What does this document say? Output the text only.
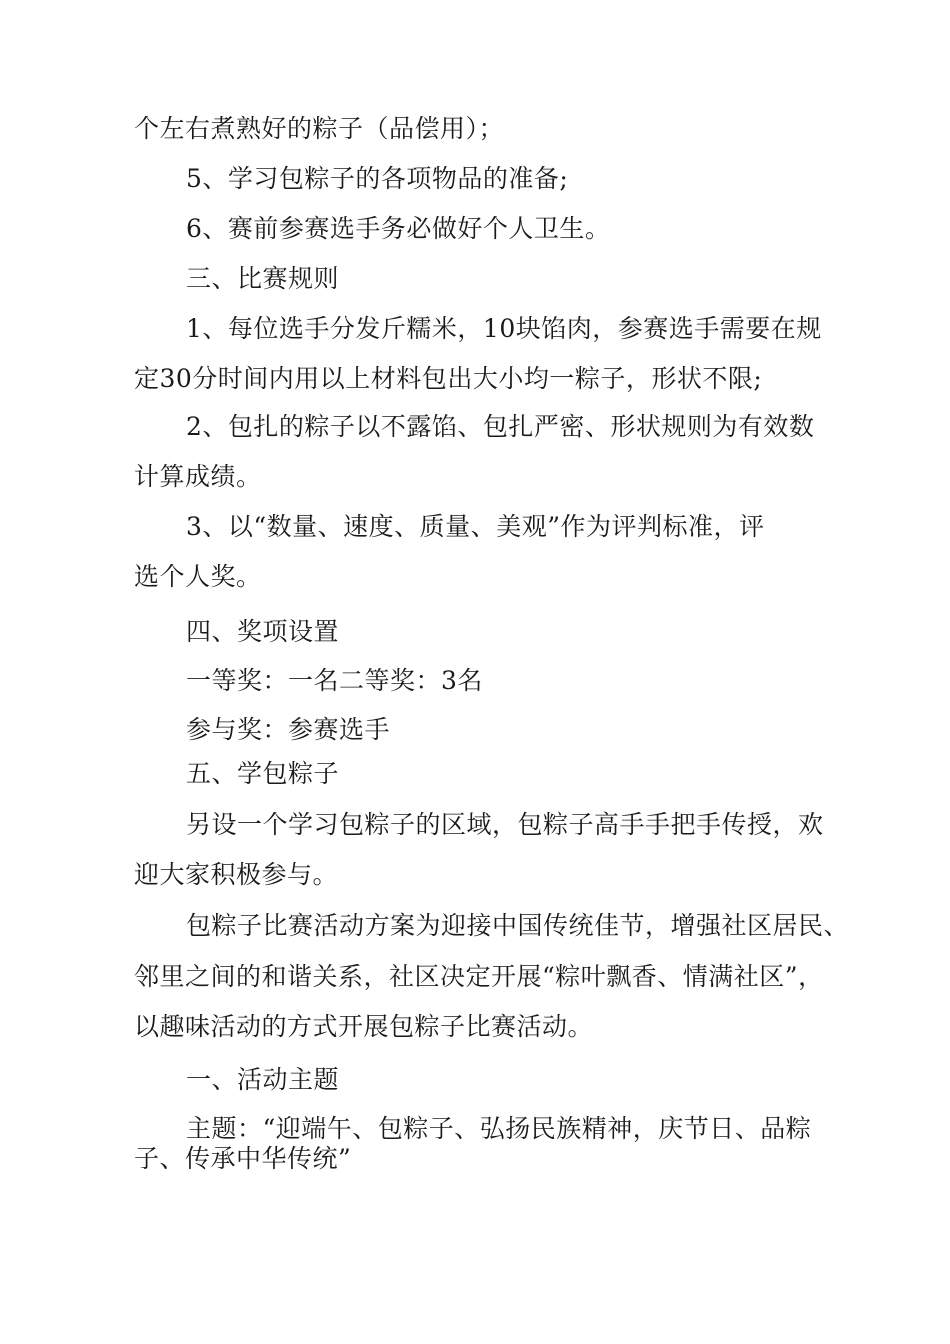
个左右煮熟好的粽子（品偿用）；
5、学习包粽子的各项物品的准备;
6、赛前参赛选手务必做好个人卫生。
三、比赛规则
1、每位选手分发斤糯米，10块馅肉，参赛选手需要在规
定30分时间内用以上材料包出大小均一粽子，形状不限;
2、包扎的粽子以不露馅、包扎严密、形状规则为有效数
计算成绩。
3、以“数量、速度、质量、美观”作为评判标准，评
选个人奖。
四、奖项设置
一等奖：一名二等奖：3名
参与奖：参赛选手
五、学包粽子
另设一个学习包粽子的区域，包粽子高手手把手传授，欢
迎大家积极参与。
包粽子比赛活动方案为迎接中国传统佳节，增强社区居民、
邻里之间的和谐关系，社区决定开展“粽叶飘香、情满社区”，
以趣味活动的方式开展包粽子比赛活动。
一、活动主题
主题：“迎端午、包粽子、弘扬民族精神，庆节日、品粽
子、传承中华传统”
